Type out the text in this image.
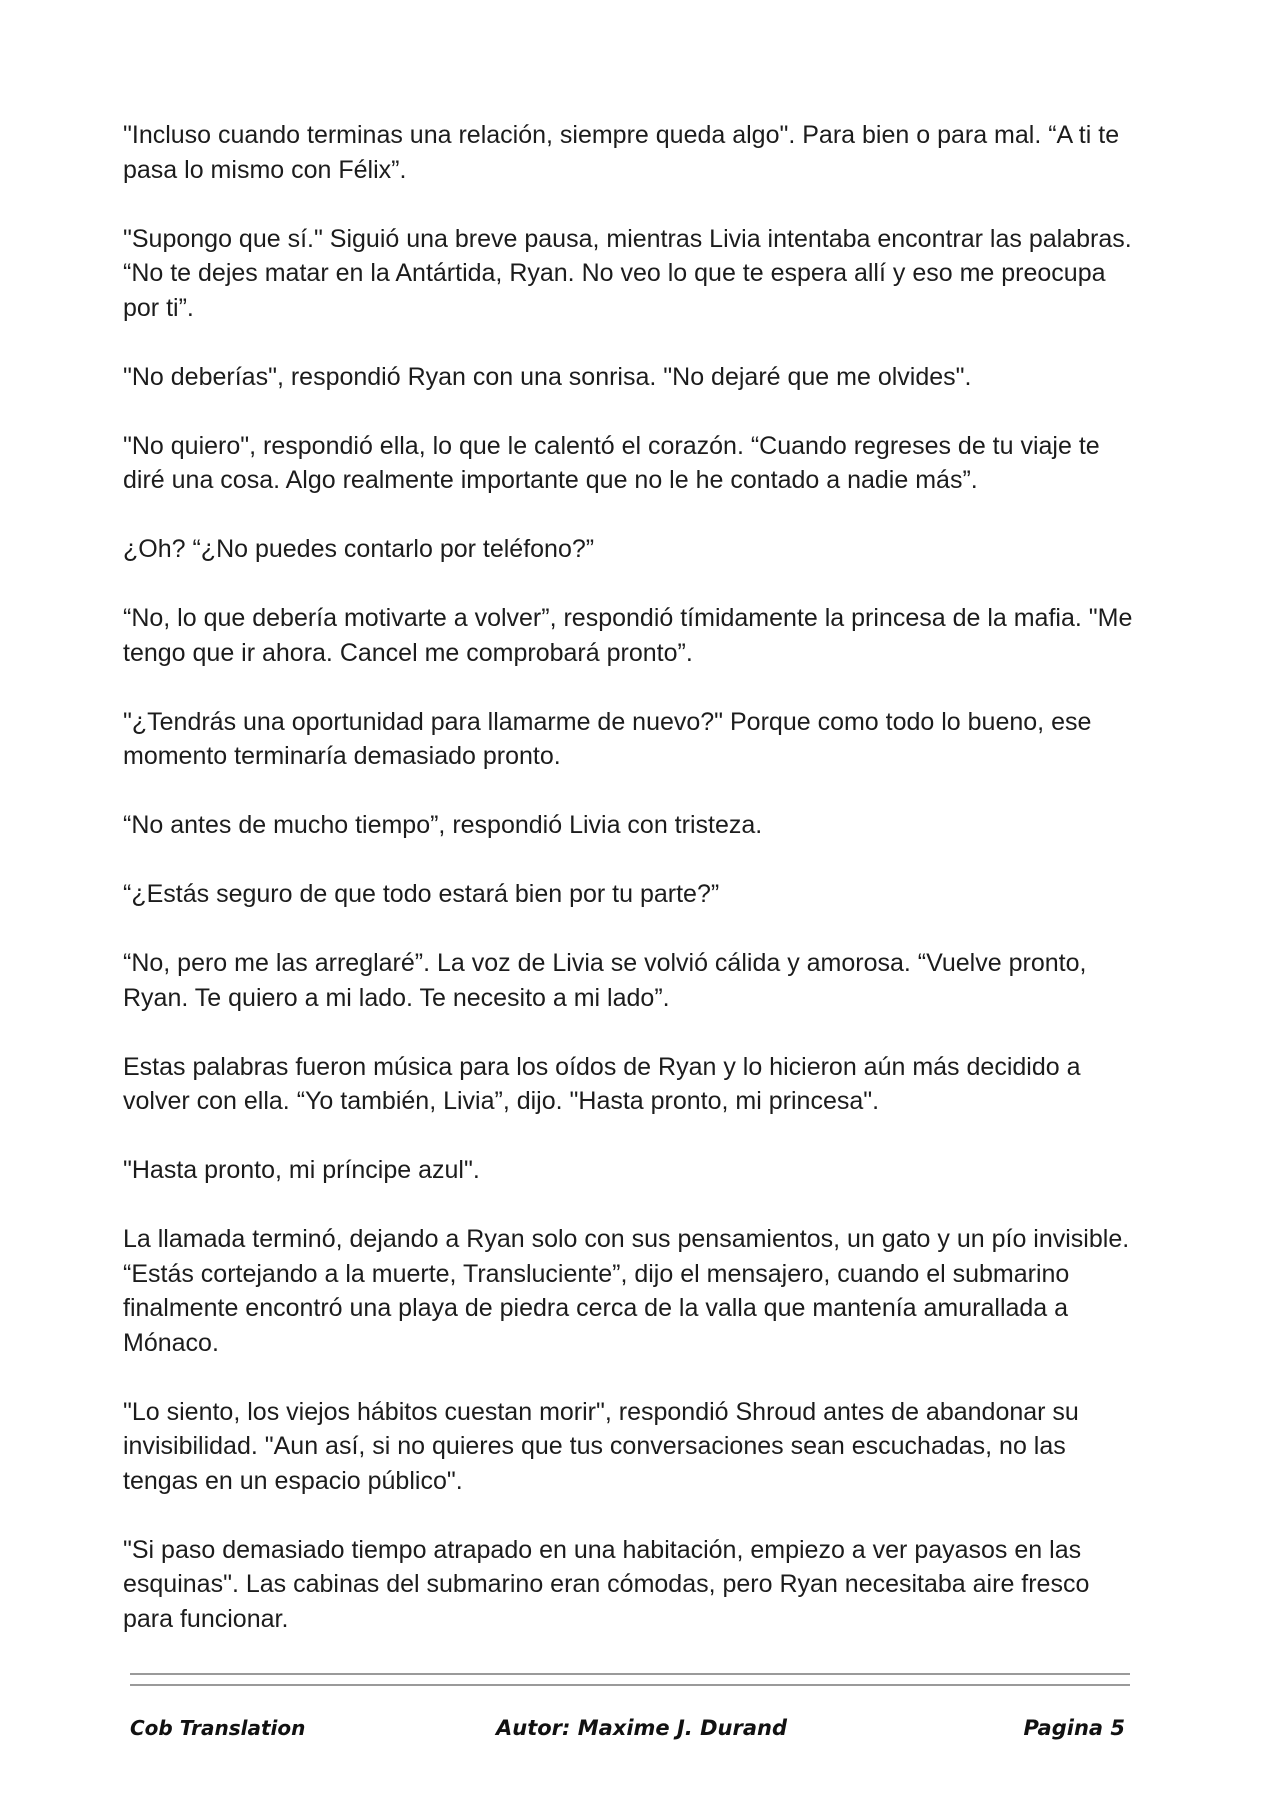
"Incluso cuando terminas una relación, siempre queda algo". Para bien o para mal. “A ti te pasa lo mismo con Félix”.

"Supongo que sí." Siguió una breve pausa, mientras Livia intentaba encontrar las palabras. “No te dejes matar en la Antártida, Ryan. No veo lo que te espera allí y eso me preocupa por ti”.

"No deberías", respondió Ryan con una sonrisa. "No dejaré que me olvides".

"No quiero", respondió ella, lo que le calentó el corazón. “Cuando regreses de tu viaje te diré una cosa. Algo realmente importante que no le he contado a nadie más”.

¿Oh? “¿No puedes contarlo por teléfono?”

“No, lo que debería motivarte a volver”, respondió tímidamente la princesa de la mafia. "Me tengo que ir ahora. Cancel me comprobará pronto”.

"¿Tendrás una oportunidad para llamarme de nuevo?" Porque como todo lo bueno, ese momento terminaría demasiado pronto.

“No antes de mucho tiempo”, respondió Livia con tristeza.

“¿Estás seguro de que todo estará bien por tu parte?”

“No, pero me las arreglaré”. La voz de Livia se volvió cálida y amorosa. “Vuelve pronto, Ryan. Te quiero a mi lado. Te necesito a mi lado”.

Estas palabras fueron música para los oídos de Ryan y lo hicieron aún más decidido a volver con ella. “Yo también, Livia”, dijo. "Hasta pronto, mi princesa".

"Hasta pronto, mi príncipe azul".

La llamada terminó, dejando a Ryan solo con sus pensamientos, un gato y un pío invisible. “Estás cortejando a la muerte, Transluciente”, dijo el mensajero, cuando el submarino finalmente encontró una playa de piedra cerca de la valla que mantenía amurallada a Mónaco.

"Lo siento, los viejos hábitos cuestan morir", respondió Shroud antes de abandonar su invisibilidad. "Aun así, si no quieres que tus conversaciones sean escuchadas, no las tengas en un espacio público".

"Si paso demasiado tiempo atrapado en una habitación, empiezo a ver payasos en las esquinas". Las cabinas del submarino eran cómodas, pero Ryan necesitaba aire fresco para funcionar.

Cob Translation	Autor: Maxime J. Durand	Pagina 5
